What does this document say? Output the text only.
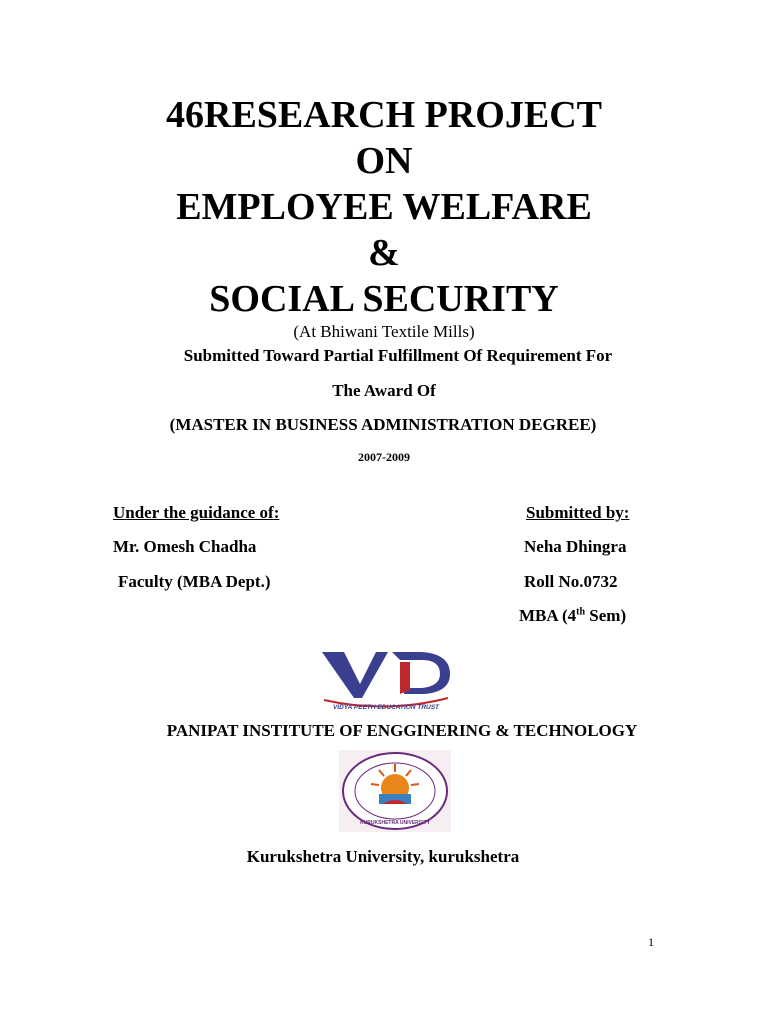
46RESEARCH PROJECT
ON
EMPLOYEE WELFARE
&
SOCIAL SECURITY
(At Bhiwani Textile Mills)
Submitted Toward Partial Fulfillment Of Requirement For
The Award Of
(MASTER IN BUSINESS ADMINISTRATION DEGREE)
2007-2009
Under the guidance of:
Mr. Omesh Chadha
Faculty (MBA Dept.)
Submitted by:
Neha Dhingra
Roll No.0732
MBA (4th Sem)
VIDYA PEETH EDUCATION TRUST
PANIPAT INSTITUTE OF ENGGINERING & TECHNOLOGY
KURUKSHETRA UNIVERSITY
Kurukshetra University, kurukshetra
1
